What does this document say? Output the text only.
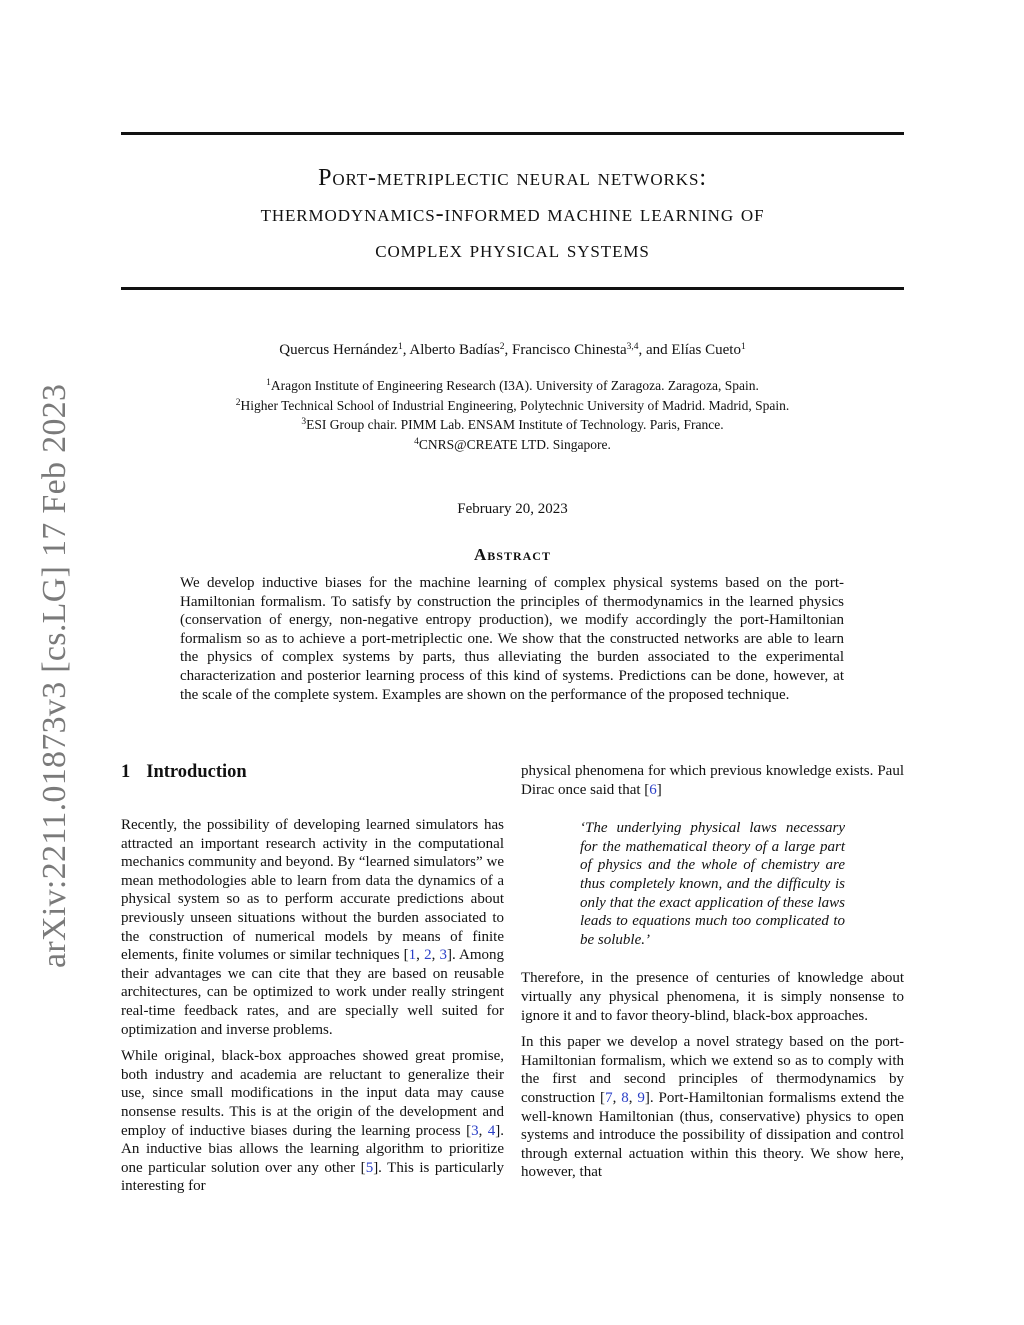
arXiv:2211.01873v3 [cs.LG] 17 Feb 2023
Port-metriplectic neural networks:
thermodynamics-informed machine learning of
complex physical systems
Quercus Hernández$^1$, Alberto Badías$^2$, Francisco Chinesta$^{3,4}$, and Elías Cueto$^1$
$^1$Aragon Institute of Engineering Research (I3A). University of Zaragoza. Zaragoza, Spain.
$^2$Higher Technical School of Industrial Engineering, Polytechnic University of Madrid. Madrid, Spain.
$^3$ESI Group chair. PIMM Lab. ENSAM Institute of Technology. Paris, France.
$^4$CNRS@CREATE LTD. Singapore.
February 20, 2023
Abstract
We develop inductive biases for the machine learning of complex physical systems based on the port-Hamiltonian formalism. To satisfy by construction the principles of thermodynamics in the learned physics (conservation of energy, non-negative entropy production), we modify accordingly the port-Hamiltonian formalism so as to achieve a port-metriplectic one. We show that the constructed networks are able to learn the physics of complex systems by parts, thus alleviating the burden associated to the experimental characterization and posterior learning process of this kind of systems. Predictions can be done, however, at the scale of the complete system. Examples are shown on the performance of the proposed technique.
1 Introduction

Recently, the possibility of developing learned simulators has attracted an important research activity in the computational mechanics community and beyond. By “learned simulators” we mean methodologies able to learn from data the dynamics of a physical system so as to perform accurate predictions about previously unseen situations without the burden associated to the construction of numerical models by means of finite elements, finite volumes or similar techniques [1, 2, 3]. Among their advantages we can cite that they are based on reusable architectures, can be optimized to work under really stringent real-time feedback rates, and are specially well suited for optimization and inverse problems.

While original, black-box approaches showed great promise, both industry and academia are reluctant to generalize their use, since small modifications in the input data may cause nonsense results. This is at the origin of the development and employ of inductive biases during the learning process [3, 4]. An inductive bias allows the learning algorithm to prioritize one particular solution over any other [5]. This is particularly interesting for

physical phenomena for which previous knowledge exists. Paul Dirac once said that [6]

‘The underlying physical laws necessary for the mathematical theory of a large part of physics and the whole of chemistry are thus completely known, and the difficulty is only that the exact application of these laws leads to equations much too complicated to be soluble.’

Therefore, in the presence of centuries of knowledge about virtually any physical phenomena, it is simply nonsense to ignore it and to favor theory-blind, black-box approaches.

In this paper we develop a novel strategy based on the port-Hamiltonian formalism, which we extend so as to comply with the first and second principles of thermodynamics by construction [7, 8, 9]. Port-Hamiltonian formalisms extend the well-known Hamiltonian (thus, conservative) physics to open systems and introduce the possibility of dissipation and control through external actuation within this theory. We show here, however, that
